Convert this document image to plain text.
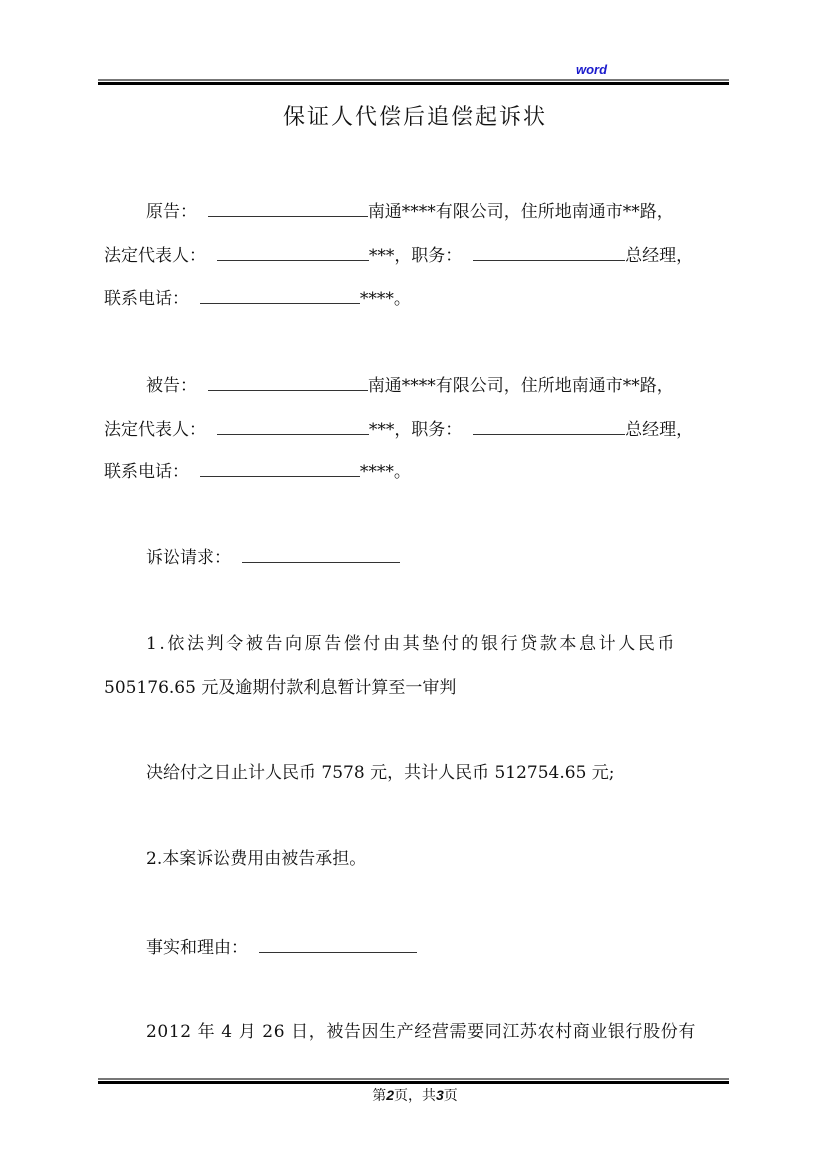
word
保证人代偿后追偿起诉状
原告：	南通****有限公司，住所地南通市**路，
法定代表人：	***，职务：	总经理，
联系电话：	****。
被告：	南通****有限公司，住所地南通市**路，
法定代表人：	***，职务：	总经理，
联系电话：	****。
诉讼请求：
1.依法判令被告向原告偿付由其垫付的银行贷款本息计人民币
505176.65 元及逾期付款利息暂计算至一审判
决给付之日止计人民币 7578 元，共计人民币 512754.65 元;
2.本案诉讼费用由被告承担。
事实和理由：
2012 年 4 月 26 日，被告因生产经营需要同江苏农村商业银行股份有
第2页，共3页
